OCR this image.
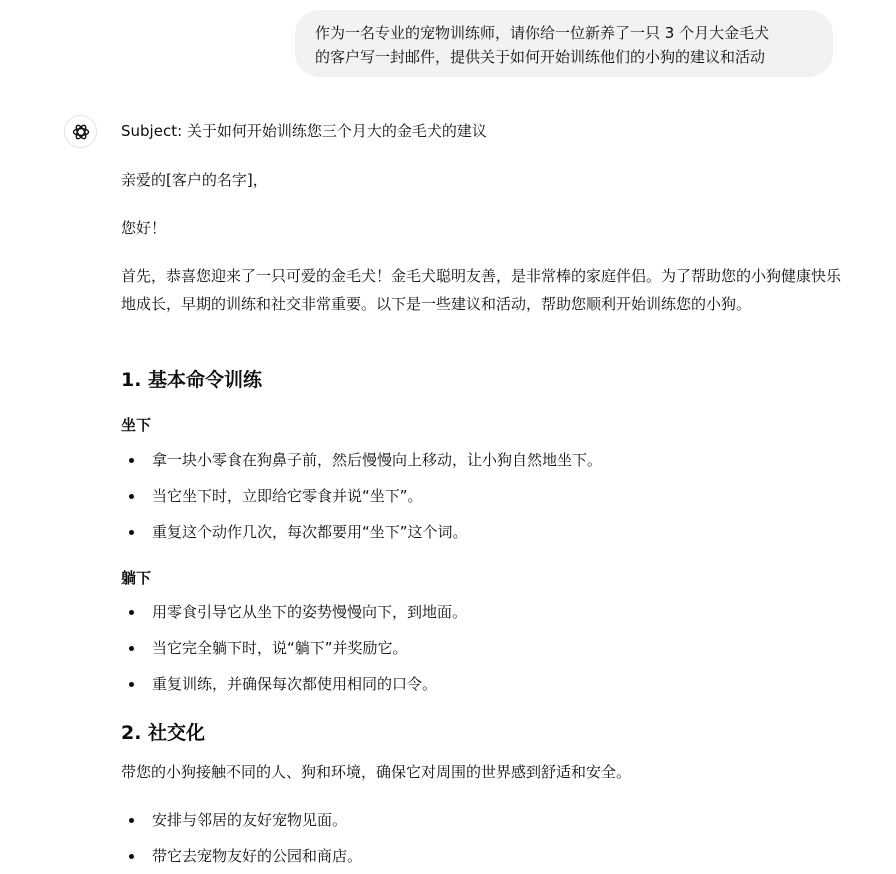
作为一名专业的宠物训练师，请你给一位新养了一只 3 个月大金毛犬
的客户写一封邮件，提供关于如何开始训练他们的小狗的建议和活动
Subject: 关于如何开始训练您三个月大的金毛犬的建议
亲爱的[客户的名字]，
您好！
首先，恭喜您迎来了一只可爱的金毛犬！金毛犬聪明友善，是非常棒的家庭伴侣。为了帮助您的小狗健康快乐地成长，早期的训练和社交非常重要。以下是一些建议和活动，帮助您顺利开始训练您的小狗。
1. 基本命令训练
坐下
拿一块小零食在狗鼻子前，然后慢慢向上移动，让小狗自然地坐下。
当它坐下时，立即给它零食并说“坐下”。
重复这个动作几次，每次都要用“坐下”这个词。
躺下
用零食引导它从坐下的姿势慢慢向下，到地面。
当它完全躺下时，说“躺下”并奖励它。
重复训练，并确保每次都使用相同的口令。
2. 社交化
带您的小狗接触不同的人、狗和环境，确保它对周围的世界感到舒适和安全。
安排与邻居的友好宠物见面。
带它去宠物友好的公园和商店。
